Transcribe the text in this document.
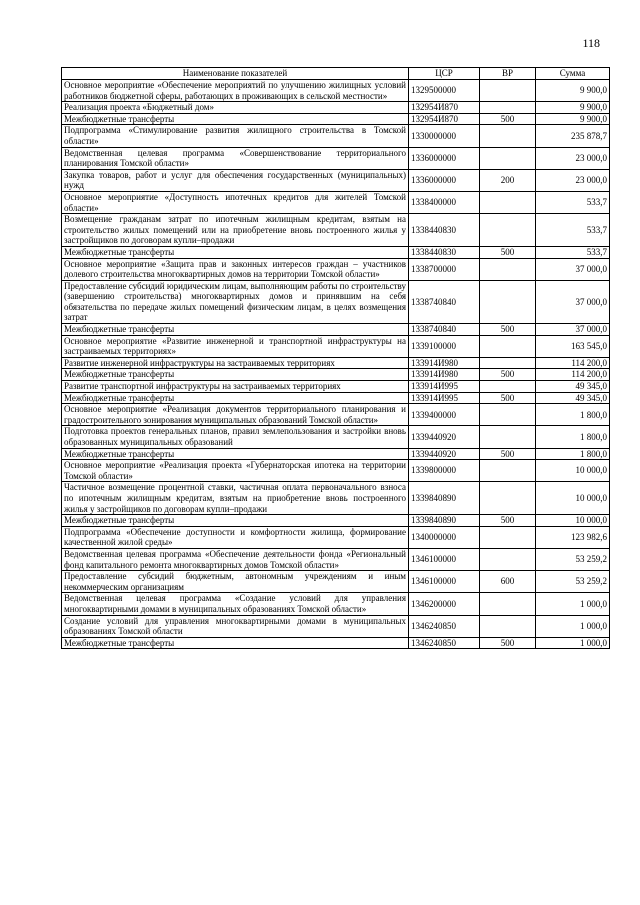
118
Наименование показателей	ЦСР	ВР	Сумма
Основное мероприятие «Обеспечение мероприятий по улучшению жилищных условий работников бюджетной сферы, работающих в проживающих в сельской местности»	1329500000		9 900,0
Реализация проекта «Бюджетный дом»	132954И870		9 900,0
Межбюджетные трансферты	132954И870	500	9 900,0
Подпрограмма «Стимулирование развития жилищного строительства в Томской области»	1330000000		235 878,7
Ведомственная целевая программа «Совершенствование территориального планирования Томской области»	1336000000		23 000,0
Закупка товаров, работ и услуг для обеспечения государственных (муниципальных) нужд	1336000000	200	23 000,0
Основное мероприятие «Доступность ипотечных кредитов для жителей Томской области»	1338400000		533,7
Возмещение гражданам затрат по ипотечным жилищным кредитам, взятым на строительство жилых помещений или на приобретение вновь построенного жилья у застройщиков по договорам купли–продажи	1338440830		533,7
Межбюджетные трансферты	1338440830	500	533,7
Основное мероприятие «Защита прав и законных интересов граждан – участников долевого строительства многоквартирных домов на территории Томской области»	1338700000		37 000,0
Предоставление субсидий юридическим лицам, выполняющим работы по строительству (завершению строительства) многоквартирных домов и принявшим на себя обязательства по передаче жилых помещений физическим лицам, в целях возмещения затрат	1338740840		37 000,0
Межбюджетные трансферты	1338740840	500	37 000,0
Основное мероприятие «Развитие инженерной и транспортной инфраструктуры на застраиваемых территориях»	1339100000		163 545,0
Развитие инженерной инфраструктуры на застраиваемых территориях	133914И980		114 200,0
Межбюджетные трансферты	133914И980	500	114 200,0
Развитие транспортной инфраструктуры на застраиваемых территориях	133914И995		49 345,0
Межбюджетные трансферты	133914И995	500	49 345,0
Основное мероприятие «Реализация документов территориального планирования и градостроительного зонирования муниципальных образований Томской области»	1339400000		1 800,0
Подготовка проектов генеральных планов, правил землепользования и застройки вновь образованных муниципальных образований	1339440920		1 800,0
Межбюджетные трансферты	1339440920	500	1 800,0
Основное мероприятие «Реализация проекта «Губернаторская ипотека на территории Томской области»	1339800000		10 000,0
Частичное возмещение процентной ставки, частичная оплата первоначального взноса по ипотечным жилищным кредитам, взятым на приобретение вновь построенного жилья у застройщиков по договорам купли–продажи	1339840890		10 000,0
Межбюджетные трансферты	1339840890	500	10 000,0
Подпрограмма «Обеспечение доступности и комфортности жилища, формирование качественной жилой среды»	1340000000		123 982,6
Ведомственная целевая программа «Обеспечение деятельности фонда «Региональный фонд капитального ремонта многоквартирных домов Томской области»	1346100000		53 259,2
Предоставление субсидий бюджетным, автономным учреждениям и иным некоммерческим организациям	1346100000	600	53 259,2
Ведомственная целевая программа «Создание условий для управления многоквартирными домами в муниципальных образованиях Томской области»	1346200000		1 000,0
Создание условий для управления многоквартирными домами в муниципальных образованиях Томской области	1346240850		1 000,0
Межбюджетные трансферты	1346240850	500	1 000,0
